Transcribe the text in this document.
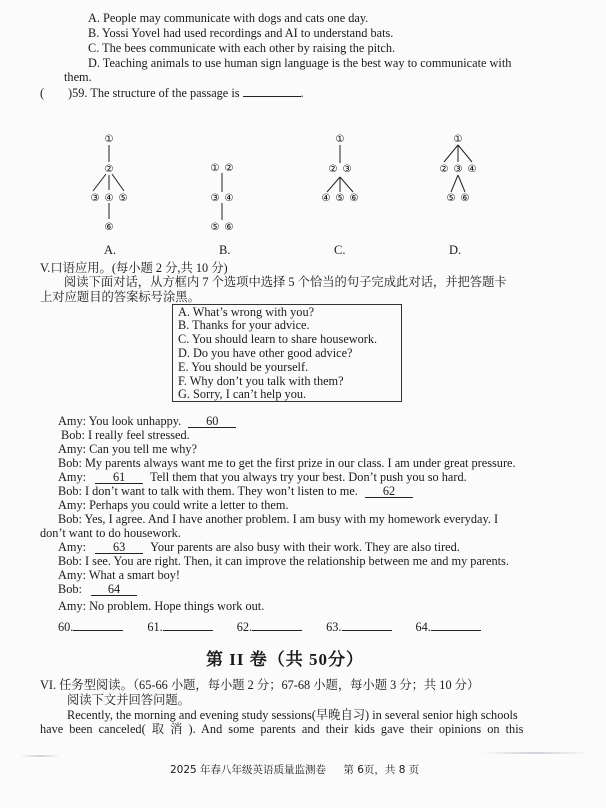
A. People may communicate with dogs and cats one day.
B. Yossi Yovel had used recordings and AI to understand bats.
C. The bees communicate with each other by raising the pitch.
D. Teaching animals to use human sign language is the best way to communicate with
them.
( )59. The structure of the passage is	.
①
②
③ ④ ⑤
⑥
① ②
③ ④
⑤ ⑥
①
② ③
④ ⑤ ⑥
①
② ③ ④
⑤ ⑥
A.	B.	C.	D.
V.口语应用。(每小题 2 分,共 10 分)
阅读下面对话，从方框内 7 个选项中选择 5 个恰当的句子完成此对话，并把答题卡
上对应题目的答案标号涂黑。
A. What’s wrong with you?
B. Thanks for your advice.
C. You should learn to share housework.
D. Do you have other good advice?
E. You should be yourself.
F. Why don’t you talk with them?
G. Sorry, I can’t help you.
Amy: You look unhappy. 60
Bob: I really feel stressed.
Amy: Can you tell me why?
Bob: My parents always want me to get the first prize in our class. I am under great pressure.
Amy: 61 Tell them that you always try your best. Don’t push you so hard.
Bob: I don’t want to talk with them. They won’t listen to me. 62
Amy: Perhaps you could write a letter to them.
Bob: Yes, I agree. And I have another problem. I am busy with my homework everyday. I
don’t want to do housework.
Amy: 63 Your parents are also busy with their work. They are also tired.
Bob: I see. You are right. Then, it can improve the relationship between me and my parents.
Amy: What a smart boy!
Bob: 64
Amy: No problem. Hope things work out.
60.	61.	62.	63.	64.
第 II 卷（共 50分）
VI. 任务型阅读。（65-66 小题，每小题 2 分；67-68 小题，每小题 3 分；共 10 分）
阅读下文并回答问题。
Recently, the morning and evening study sessions(早晚自习) in several senior high schools
have been canceled( 取 消 ). And some parents and their kids gave their opinions on this
2025 年春八年级英语质量监测卷 第 6页，共 8 页
